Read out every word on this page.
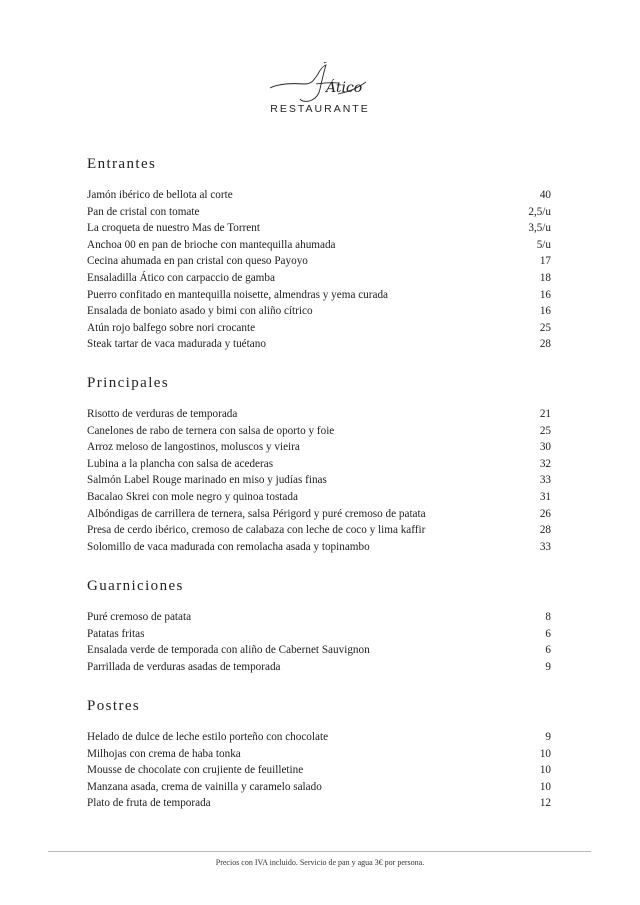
Ático
RESTAURANTE
Entrantes
Jamón ibérico de bellota al corte	40
Pan de cristal con tomate	2,5/u
La croqueta de nuestro Mas de Torrent	3,5/u
Anchoa 00 en pan de brioche con mantequilla ahumada	5/u
Cecina ahumada en pan cristal con queso Payoyo	17
Ensaladilla Ático con carpaccio de gamba	18
Puerro confitado en mantequilla noisette, almendras y yema curada	16
Ensalada de boniato asado y bimi con aliño cítrico	16
Atún rojo balfego sobre nori crocante	25
Steak tartar de vaca madurada y tuétano	28
Principales
Risotto de verduras de temporada	21
Canelones de rabo de ternera con salsa de oporto y foie	25
Arroz meloso de langostinos, moluscos y vieira	30
Lubina a la plancha con salsa de acederas	32
Salmón Label Rouge marinado en miso y judías finas	33
Bacalao Skrei con mole negro y quinoa tostada	31
Albóndigas de carrillera de ternera, salsa Périgord y puré cremoso de patata	26
Presa de cerdo ibérico, cremoso de calabaza con leche de coco y lima kaffir	28
Solomillo de vaca madurada con remolacha asada y topinambo	33
Guarniciones
Puré cremoso de patata	8
Patatas fritas	6
Ensalada verde de temporada con aliño de Cabernet Sauvignon	6
Parrillada de verduras asadas de temporada	9
Postres
Helado de dulce de leche estilo porteño con chocolate	9
Milhojas con crema de haba tonka	10
Mousse de chocolate con crujiente de feuilletine	10
Manzana asada, crema de vainilla y caramelo salado	10
Plato de fruta de temporada	12
Precios con IVA incluido. Servicio de pan y agua 3€ por persona.
